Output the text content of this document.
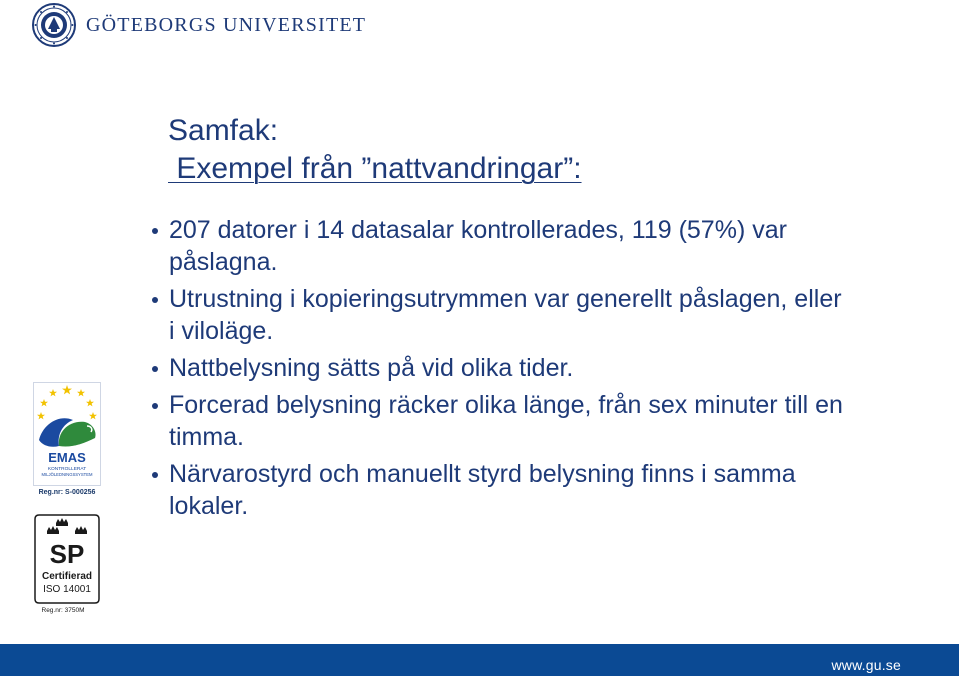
GÖTEBORGS UNIVERSITET
Samfak:
Exempel från ”nattvandringar”:
207 datorer i 14 datasalar kontrollerades, 119 (57%) var påslagna.
Utrustning i kopieringsutrymmen var generellt påslagen, eller i viloläge.
Nattbelysning sätts på vid olika tider.
Forcerad belysning räcker olika länge, från sex minuter till en timma.
Närvarostyrd och manuellt styrd belysning finns i samma lokaler.
EMAS
KONTROLLERAT
MILJÖLEDNINGSSYSTEM
Reg.nr: S-000256
SP
Certifierad
ISO 14001
Reg.nr: 3750M
www.gu.se
